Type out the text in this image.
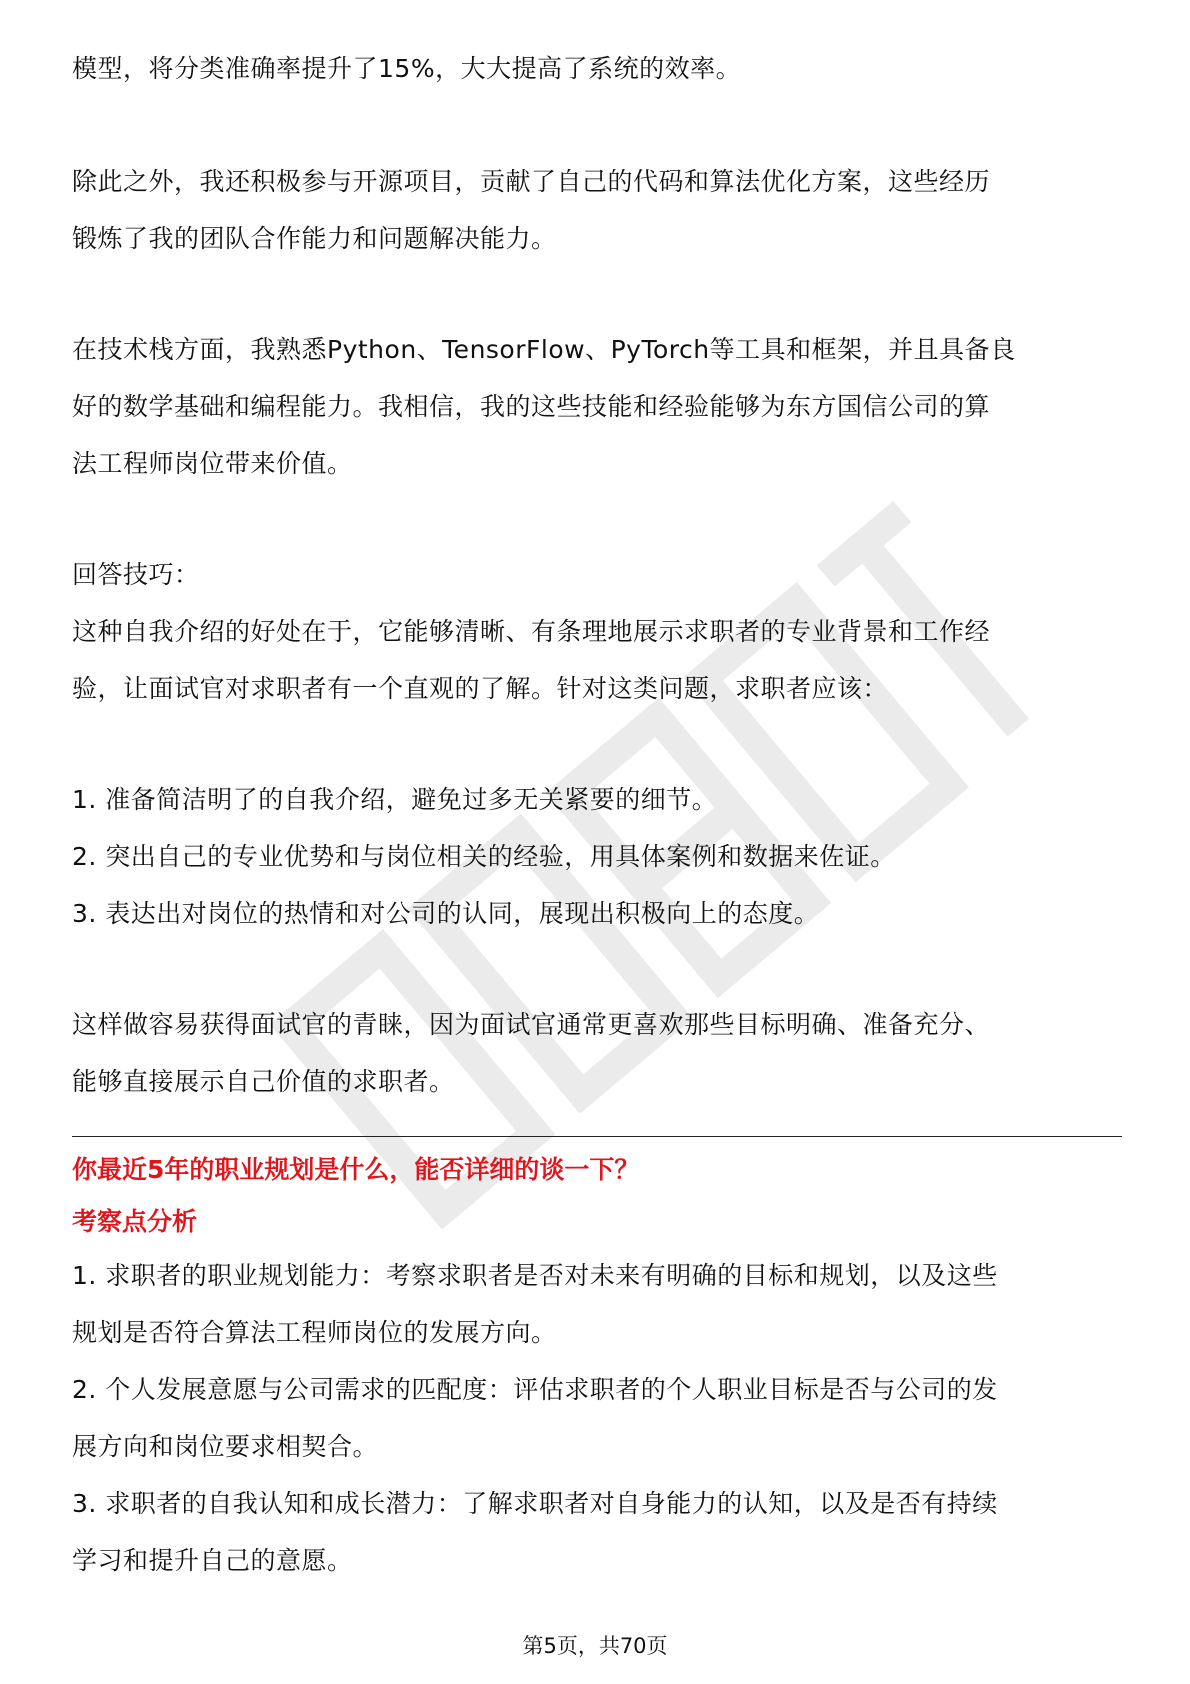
模型，将分类准确率提升了15%，大大提高了系统的效率。

除此之外，我还积极参与开源项目，贡献了自己的代码和算法优化方案，这些经历

锻炼了我的团队合作能力和问题解决能力。

在技术栈方面，我熟悉Python、TensorFlow、PyTorch等工具和框架，并且具备良

好的数学基础和编程能力。我相信，我的这些技能和经验能够为东方国信公司的算

法工程师岗位带来价值。

回答技巧：

这种自我介绍的好处在于，它能够清晰、有条理地展示求职者的专业背景和工作经

验，让面试官对求职者有一个直观的了解。针对这类问题，求职者应该：

1. 准备简洁明了的自我介绍，避免过多无关紧要的细节。

2. 突出自己的专业优势和与岗位相关的经验，用具体案例和数据来佐证。

3. 表达出对岗位的热情和对公司的认同，展现出积极向上的态度。

这样做容易获得面试官的青睐，因为面试官通常更喜欢那些目标明确、准备充分、

能够直接展示自己价值的求职者。

你最近5年的职业规划是什么，能否详细的谈一下？

考察点分析

1. 求职者的职业规划能力：考察求职者是否对未来有明确的目标和规划，以及这些

规划是否符合算法工程师岗位的发展方向。

2. 个人发展意愿与公司需求的匹配度：评估求职者的个人职业目标是否与公司的发

展方向和岗位要求相契合。

3. 求职者的自我认知和成长潜力：了解求职者对自身能力的认知，以及是否有持续

学习和提升自己的意愿。

第5页，共70页
